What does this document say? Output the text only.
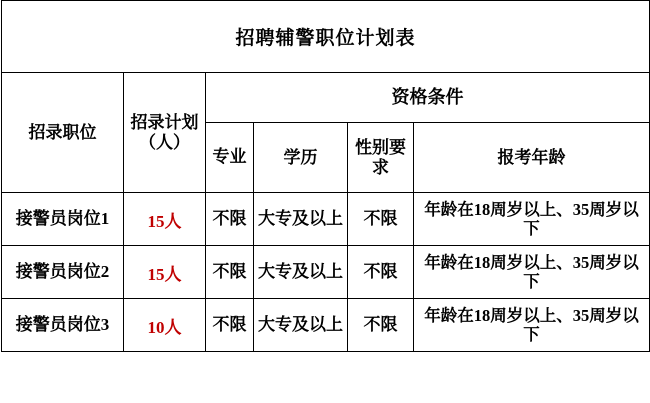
招聘辅警职位计划表					
招录职位	招录计划（人）	资格条件			
		专业	学历	性别要求	报考年龄
接警员岗位1	15人	不限	大专及以上	不限	年龄在18周岁以上、35周岁以下
接警员岗位2	15人	不限	大专及以上	不限	年龄在18周岁以上、35周岁以下
接警员岗位3	10人	不限	大专及以上	不限	年龄在18周岁以上、35周岁以下
